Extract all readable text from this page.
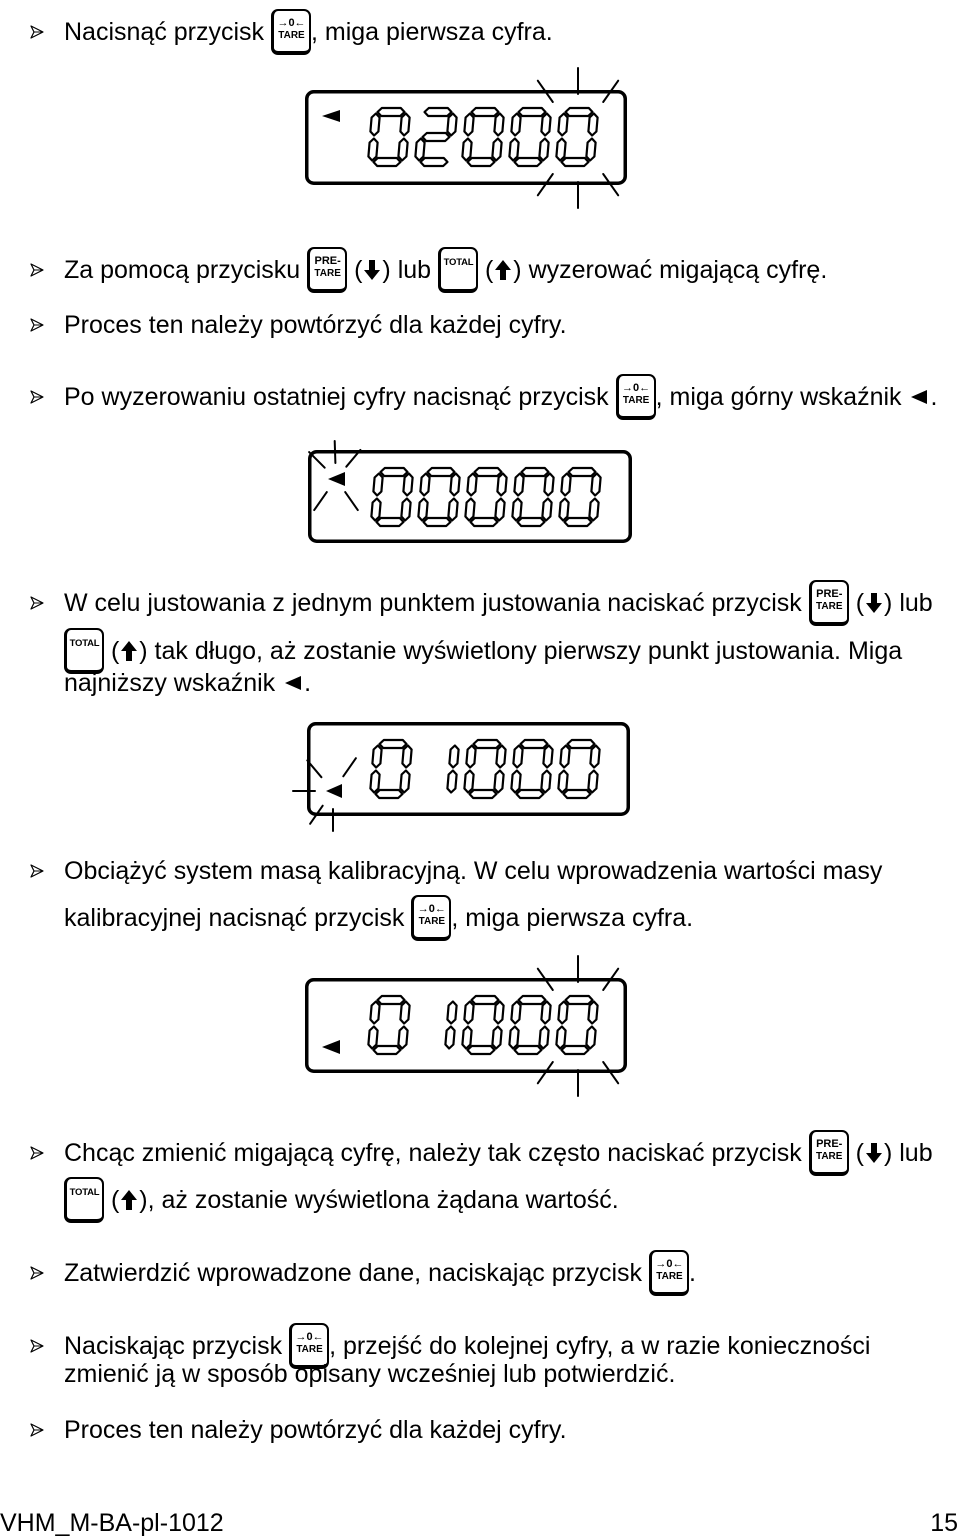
Nacisnąć przycisk →0←
TARE , miga pierwsza cyfra.
Za pomocą przycisku PRE-
TARE ( ) lub TOTAL ( ) wyzerować migającą cyfrę.
Proces ten należy powtórzyć dla każdej cyfry.
Po wyzerowaniu ostatniej cyfry nacisnąć przycisk →0←
TARE , miga górny wskaźnik .
W celu justowania z jednym punktem justowania naciskać przycisk PRE-
TARE ( ) lub
TOTAL ( ) tak długo, aż zostanie wyświetlony pierwszy punkt justowania. Miga
najniższy wskaźnik .
Obciążyć system masą kalibracyjną. W celu wprowadzenia wartości masy
kalibracyjnej nacisnąć przycisk →0←
TARE , miga pierwsza cyfra.
Chcąc zmienić migającą cyfrę, należy tak często naciskać przycisk PRE-
TARE ( ) lub
TOTAL ( ), aż zostanie wyświetlona żądana wartość.
Zatwierdzić wprowadzone dane, naciskając przycisk →0←
TARE .
Naciskając przycisk →0←
TARE , przejść do kolejnej cyfry, a w razie konieczności
zmienić ją w sposób opisany wcześniej lub potwierdzić.
Proces ten należy powtórzyć dla każdej cyfry.
VHM_M-BA-pl-1012	15
